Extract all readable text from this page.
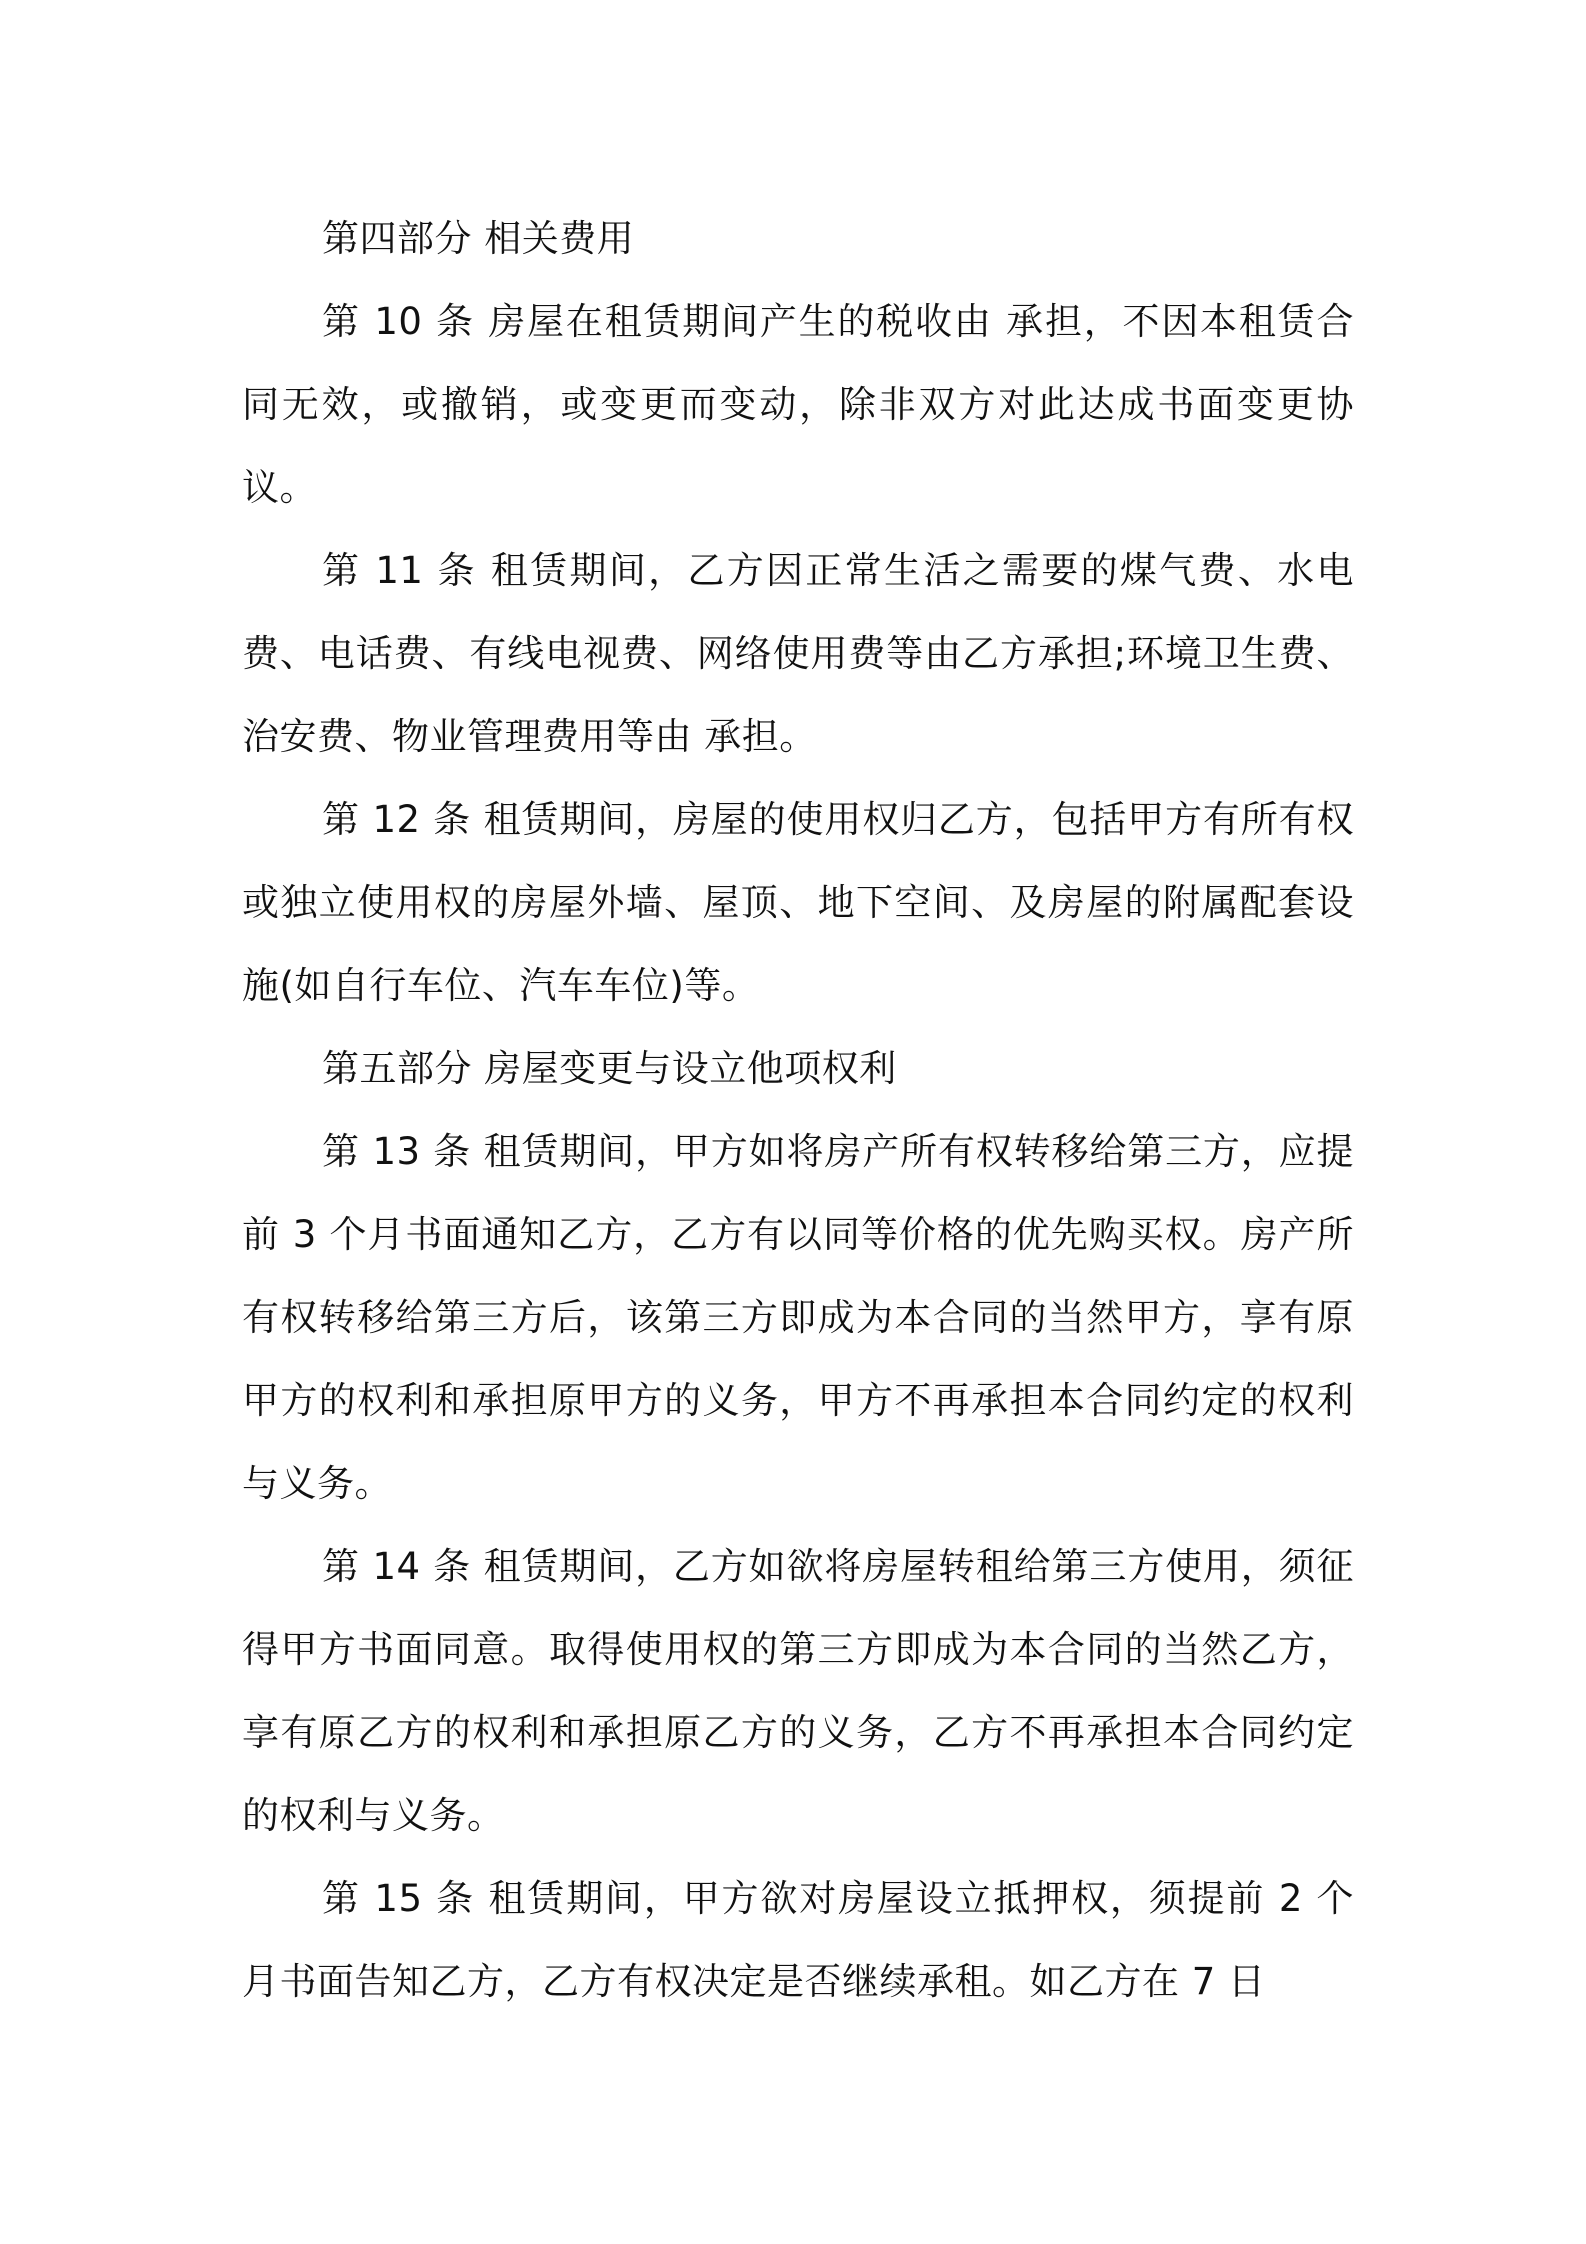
第四部分 相关费用

第 10 条 房屋在租赁期间产生的税收由 承担，不因本租赁合同无效，或撤销，或变更而变动，除非双方对此达成书面变更协议。

第 11 条 租赁期间，乙方因正常生活之需要的煤气费、水电费、电话费、有线电视费、网络使用费等由乙方承担;环境卫生费、治安费、物业管理费用等由 承担。

第 12 条 租赁期间，房屋的使用权归乙方，包括甲方有所有权或独立使用权的房屋外墙、屋顶、地下空间、及房屋的附属配套设施(如自行车位、汽车车位)等。

第五部分 房屋变更与设立他项权利

第 13 条 租赁期间，甲方如将房产所有权转移给第三方，应提前 3 个月书面通知乙方，乙方有以同等价格的优先购买权。房产所有权转移给第三方后，该第三方即成为本合同的当然甲方，享有原甲方的权利和承担原甲方的义务，甲方不再承担本合同约定的权利与义务。

第 14 条 租赁期间，乙方如欲将房屋转租给第三方使用，须征得甲方书面同意。取得使用权的第三方即成为本合同的当然乙方，享有原乙方的权利和承担原乙方的义务，乙方不再承担本合同约定的权利与义务。

第 15 条 租赁期间，甲方欲对房屋设立抵押权，须提前 2 个月书面告知乙方，乙方有权决定是否继续承租。如乙方在 7 日
